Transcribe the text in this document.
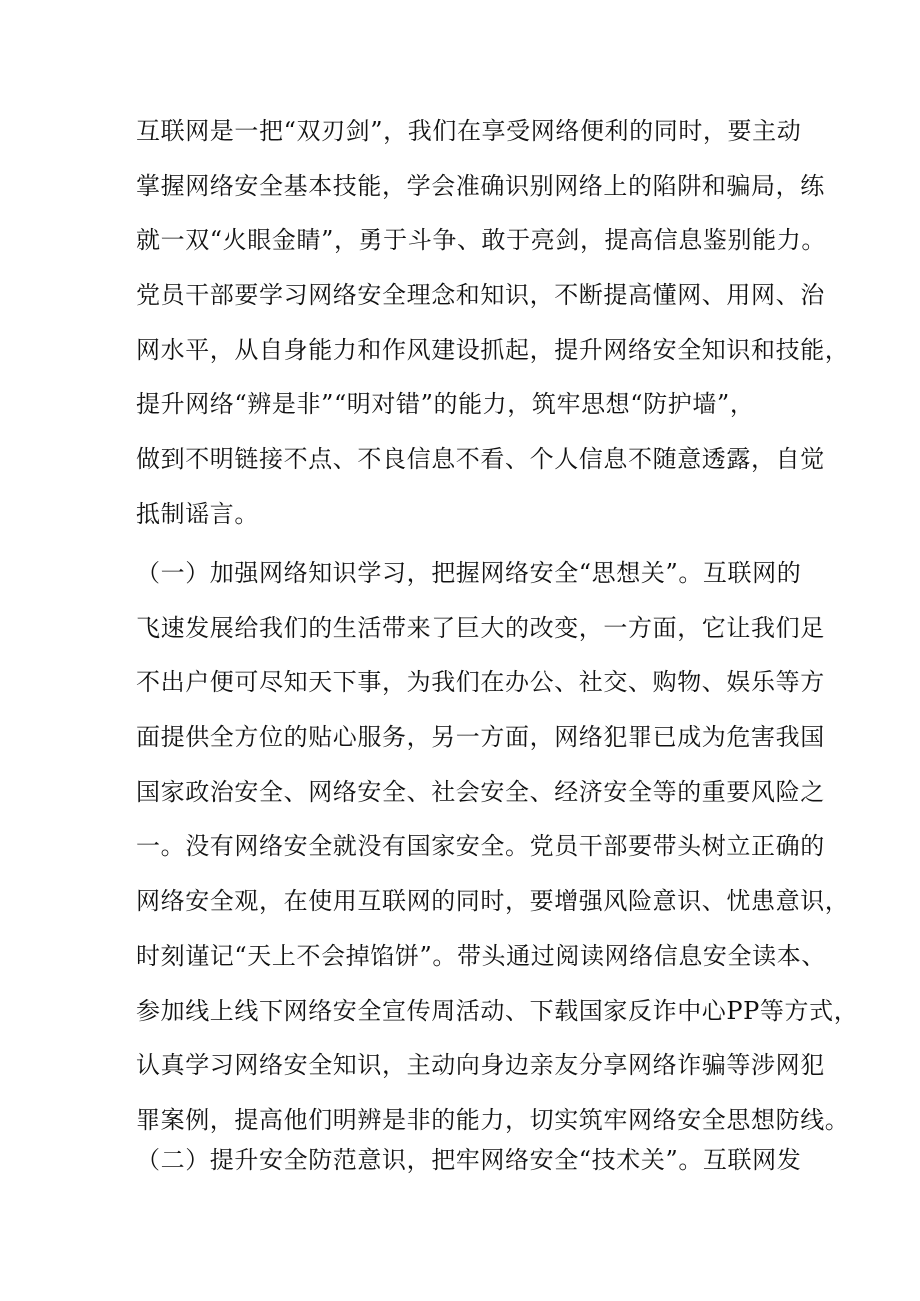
互联网是一把“双刃剑”，我们在享受网络便利的同时，要主动
掌握网络安全基本技能，学会准确识别网络上的陷阱和骗局，练
就一双“火眼金睛”，勇于斗争、敢于亮剑，提高信息鉴别能力。
党员干部要学习网络安全理念和知识，不断提高懂网、用网、治
网水平，从自身能力和作风建设抓起，提升网络安全知识和技能，
提升网络“辨是非”“明对错”的能力，筑牢思想“防护墙”，
做到不明链接不点、不良信息不看、个人信息不随意透露，自觉
抵制谣言。
（一）加强网络知识学习，把握网络安全“思想关”。互联网的
飞速发展给我们的生活带来了巨大的改变，一方面，它让我们足
不出户便可尽知天下事，为我们在办公、社交、购物、娱乐等方
面提供全方位的贴心服务，另一方面，网络犯罪已成为危害我国
国家政治安全、网络安全、社会安全、经济安全等的重要风险之
一。没有网络安全就没有国家安全。党员干部要带头树立正确的
网络安全观，在使用互联网的同时，要增强风险意识、忧患意识，
时刻谨记“天上不会掉馅饼”。带头通过阅读网络信息安全读本、
参加线上线下网络安全宣传周活动、下载国家反诈中心PP等方式，
认真学习网络安全知识，主动向身边亲友分享网络诈骗等涉网犯
罪案例，提高他们明辨是非的能力，切实筑牢网络安全思想防线。
（二）提升安全防范意识，把牢网络安全“技术关”。互联网发
